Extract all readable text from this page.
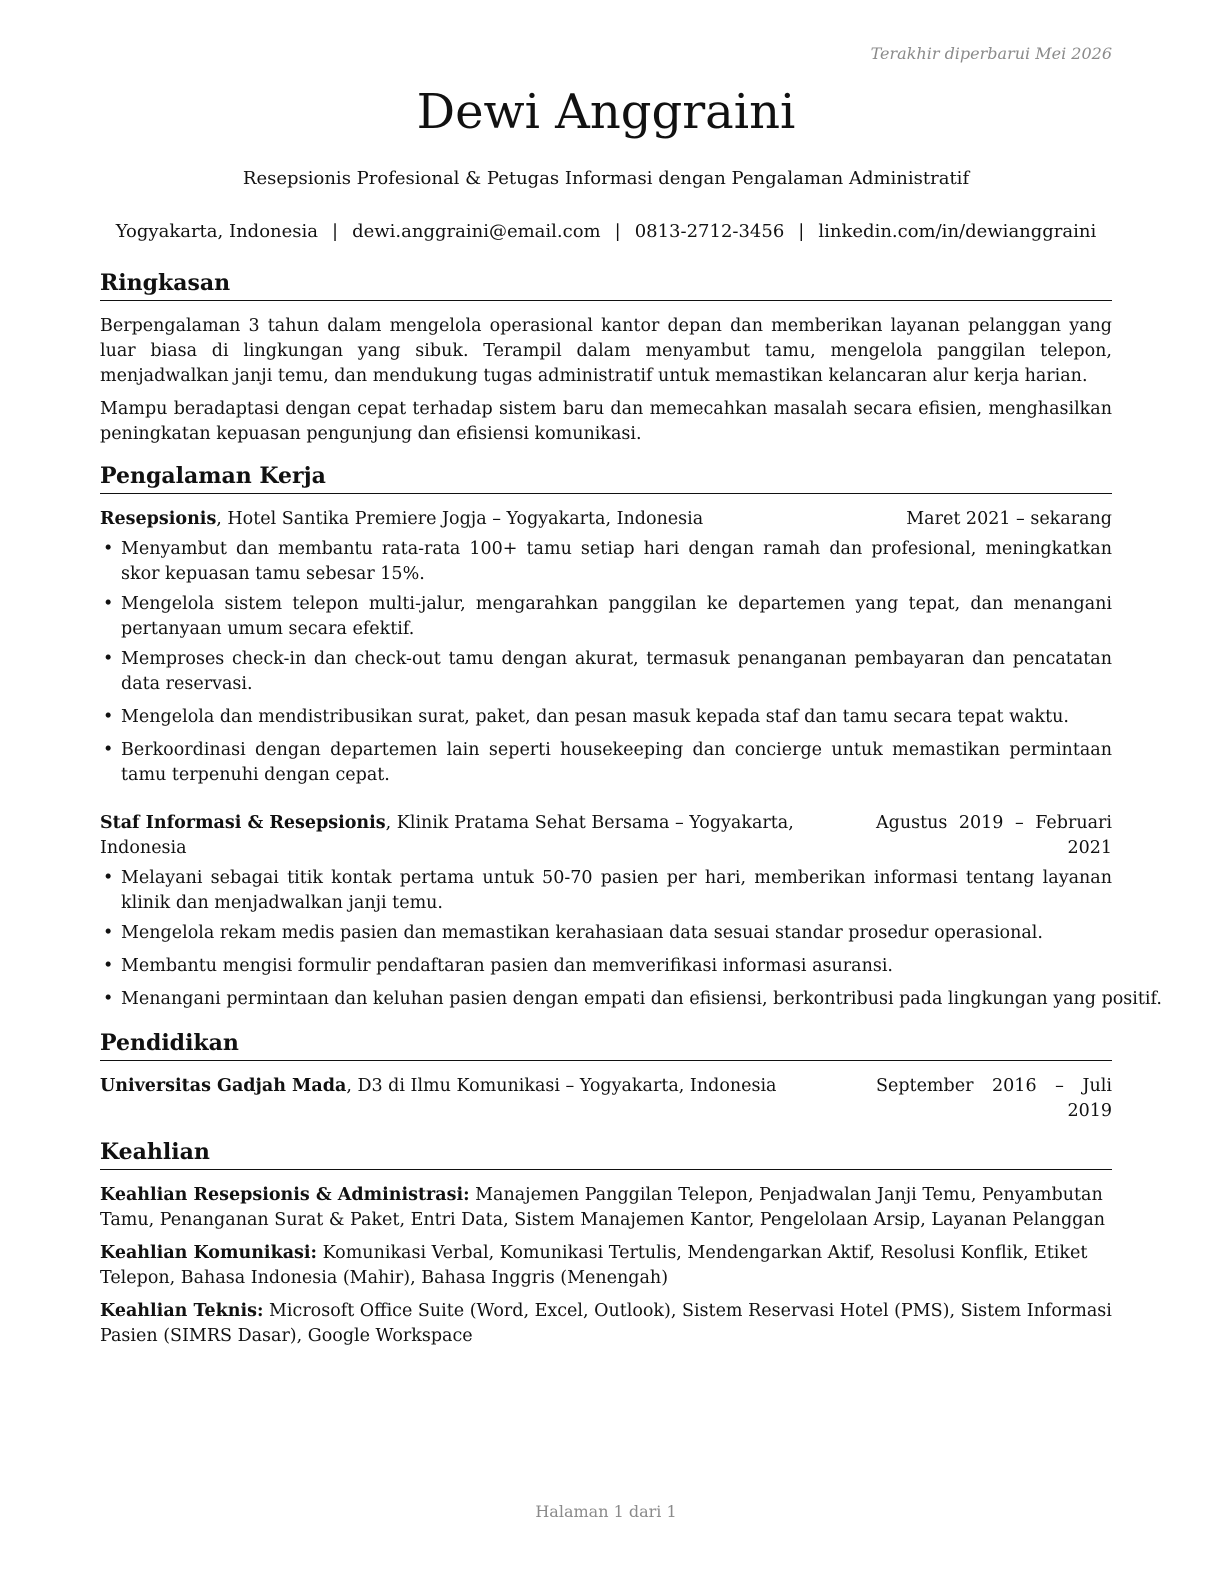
Terakhir diperbarui Mei 2026
Dewi Anggraini
Resepsionis Profesional & Petugas Informasi dengan Pengalaman Administratif
Yogyakarta, Indonesia | dewi.anggraini@email.com | 0813-2712-3456 | linkedin.com/in/dewianggraini
Ringkasan

Berpengalaman 3 tahun dalam mengelola operasional kantor depan dan memberikan layanan pelanggan yang luar biasa di lingkungan yang sibuk. Terampil dalam menyambut tamu, mengelola panggilan telepon, menjadwalkan janji temu, dan mendukung tugas administratif untuk memastikan kelancaran alur kerja harian.

Mampu beradaptasi dengan cepat terhadap sistem baru dan memecahkan masalah secara efisien, menghasilkan peningkatan kepuasan pengunjung dan efisiensi komunikasi.

Pengalaman Kerja
Resepsionis, Hotel Santika Premiere Jogja – Yogyakarta, Indonesia	Maret 2021 – sekarang
• Menyambut dan membantu rata-rata 100+ tamu setiap hari dengan ramah dan profesional, meningkatkan skor kepuasan tamu sebesar 15%.
• Mengelola sistem telepon multi-jalur, mengarahkan panggilan ke departemen yang tepat, dan menangani pertanyaan umum secara efektif.
• Memproses check-in dan check-out tamu dengan akurat, termasuk penanganan pembayaran dan pencatatan data reservasi.
• Mengelola dan mendistribusikan surat, paket, dan pesan masuk kepada staf dan tamu secara tepat waktu.
• Berkoordinasi dengan departemen lain seperti housekeeping dan concierge untuk memastikan permintaan tamu terpenuhi dengan cepat.
Staf Informasi & Resepsionis, Klinik Pratama Sehat Bersama – Yogyakarta, Indonesia
Agustus 2019 – Februari 2021
• Melayani sebagai titik kontak pertama untuk 50-70 pasien per hari, memberikan informasi tentang layanan klinik dan menjadwalkan janji temu.
• Mengelola rekam medis pasien dan memastikan kerahasiaan data sesuai standar prosedur operasional.
• Membantu mengisi formulir pendaftaran pasien dan memverifikasi informasi asuransi.
• Menangani permintaan dan keluhan pasien dengan empati dan efisiensi, berkontribusi pada lingkungan yang positif.
Pendidikan
Universitas Gadjah Mada, D3 di Ilmu Komunikasi – Yogyakarta, Indonesia	September 2016 – Juli 2019
Keahlian

Keahlian Resepsionis & Administrasi: Manajemen Panggilan Telepon, Penjadwalan Janji Temu, Penyambutan Tamu, Penanganan Surat & Paket, Entri Data, Sistem Manajemen Kantor, Pengelolaan Arsip, Layanan Pelanggan

Keahlian Komunikasi: Komunikasi Verbal, Komunikasi Tertulis, Mendengarkan Aktif, Resolusi Konflik, Etiket Telepon, Bahasa Indonesia (Mahir), Bahasa Inggris (Menengah)

Keahlian Teknis: Microsoft Office Suite (Word, Excel, Outlook), Sistem Reservasi Hotel (PMS), Sistem Informasi Pasien (SIMRS Dasar), Google Workspace

Halaman 1 dari 1
